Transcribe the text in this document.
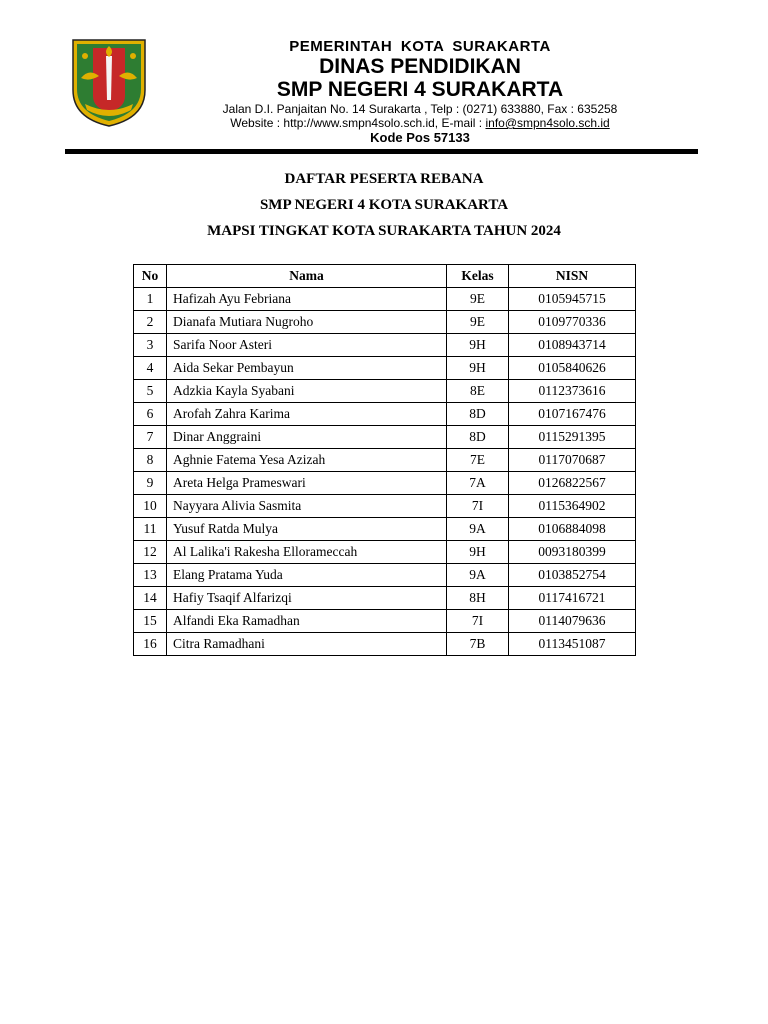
PEMERINTAH KOTA SURAKARTA
DINAS PENDIDIKAN
SMP NEGERI 4 SURAKARTA
Jalan D.I. Panjaitan No. 14 Surakarta , Telp : (0271) 633880, Fax : 635258
Website : http://www.smpn4solo.sch.id, E-mail : info@smpn4solo.sch.id
Kode Pos 57133
DAFTAR PESERTA REBANA
SMP NEGERI 4 KOTA SURAKARTA
MAPSI TINGKAT KOTA SURAKARTA TAHUN 2024
No	Nama	Kelas	NISN
1	Hafizah Ayu Febriana	9E	0105945715
2	Dianafa Mutiara Nugroho	9E	0109770336
3	Sarifa Noor Asteri	9H	0108943714
4	Aida Sekar Pembayun	9H	0105840626
5	Adzkia Kayla Syabani	8E	0112373616
6	Arofah Zahra Karima	8D	0107167476
7	Dinar Anggraini	8D	0115291395
8	Aghnie Fatema Yesa Azizah	7E	0117070687
9	Areta Helga Prameswari	7A	0126822567
10	Nayyara Alivia Sasmita	7I	0115364902
11	Yusuf Ratda Mulya	9A	0106884098
12	Al Lalika'i Rakesha Ellorameccah	9H	0093180399
13	Elang Pratama Yuda	9A	0103852754
14	Hafiy Tsaqif Alfarizqi	8H	0117416721
15	Alfandi Eka Ramadhan	7I	0114079636
16	Citra Ramadhani	7B	0113451087
